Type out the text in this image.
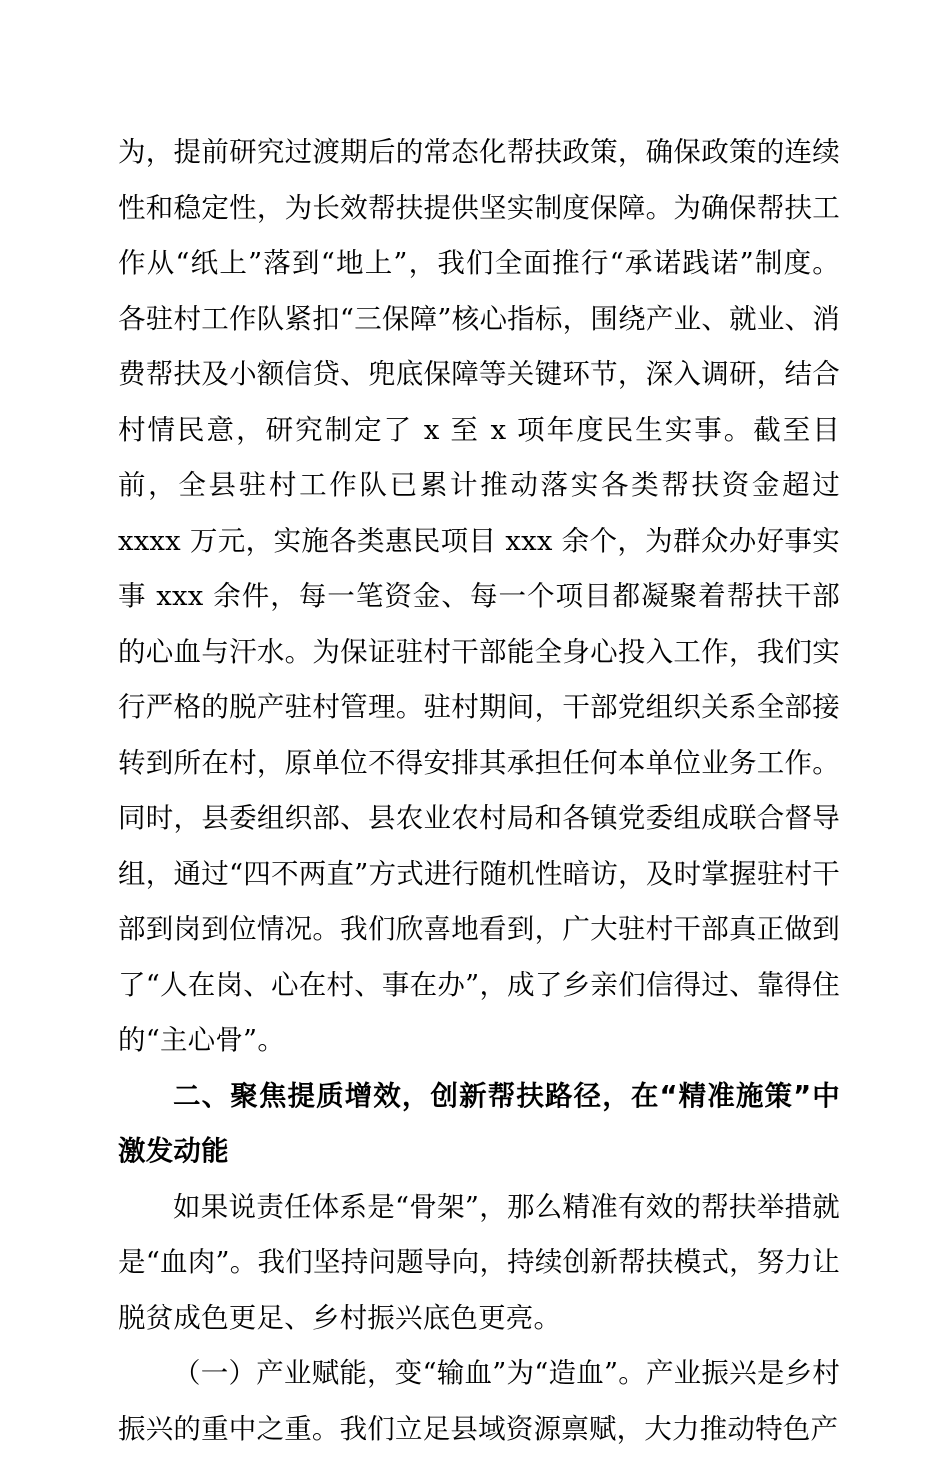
为，提前研究过渡期后的常态化帮扶政策，确保政策的连续性和稳定性，为长效帮扶提供坚实制度保障。为确保帮扶工作从“纸上”落到“地上”，我们全面推行“承诺践诺”制度。各驻村工作队紧扣“三保障”核心指标，围绕产业、就业、消费帮扶及小额信贷、兜底保障等关键环节，深入调研，结合村情民意，研究制定了 x 至 x 项年度民生实事。截至目前，全县驻村工作队已累计推动落实各类帮扶资金超过 xxxx 万元，实施各类惠民项目 xxx 余个，为群众办好事实事 xxx 余件，每一笔资金、每一个项目都凝聚着帮扶干部的心血与汗水。为保证驻村干部能全身心投入工作，我们实行严格的脱产驻村管理。驻村期间，干部党组织关系全部接转到所在村，原单位不得安排其承担任何本单位业务工作。同时，县委组织部、县农业农村局和各镇党委组成联合督导组，通过“四不两直”方式进行随机性暗访，及时掌握驻村干部到岗到位情况。我们欣喜地看到，广大驻村干部真正做到了“人在岗、心在村、事在办”，成了乡亲们信得过、靠得住的“主心骨”。

二、聚焦提质增效，创新帮扶路径，在“精准施策”中激发动能

如果说责任体系是“骨架”，那么精准有效的帮扶举措就是“血肉”。我们坚持问题导向，持续创新帮扶模式，努力让脱贫成色更足、乡村振兴底色更亮。

（一）产业赋能，变“输血”为“造血”。产业振兴是乡村振兴的重中之重。我们立足县域资源禀赋，大力推动特色产
